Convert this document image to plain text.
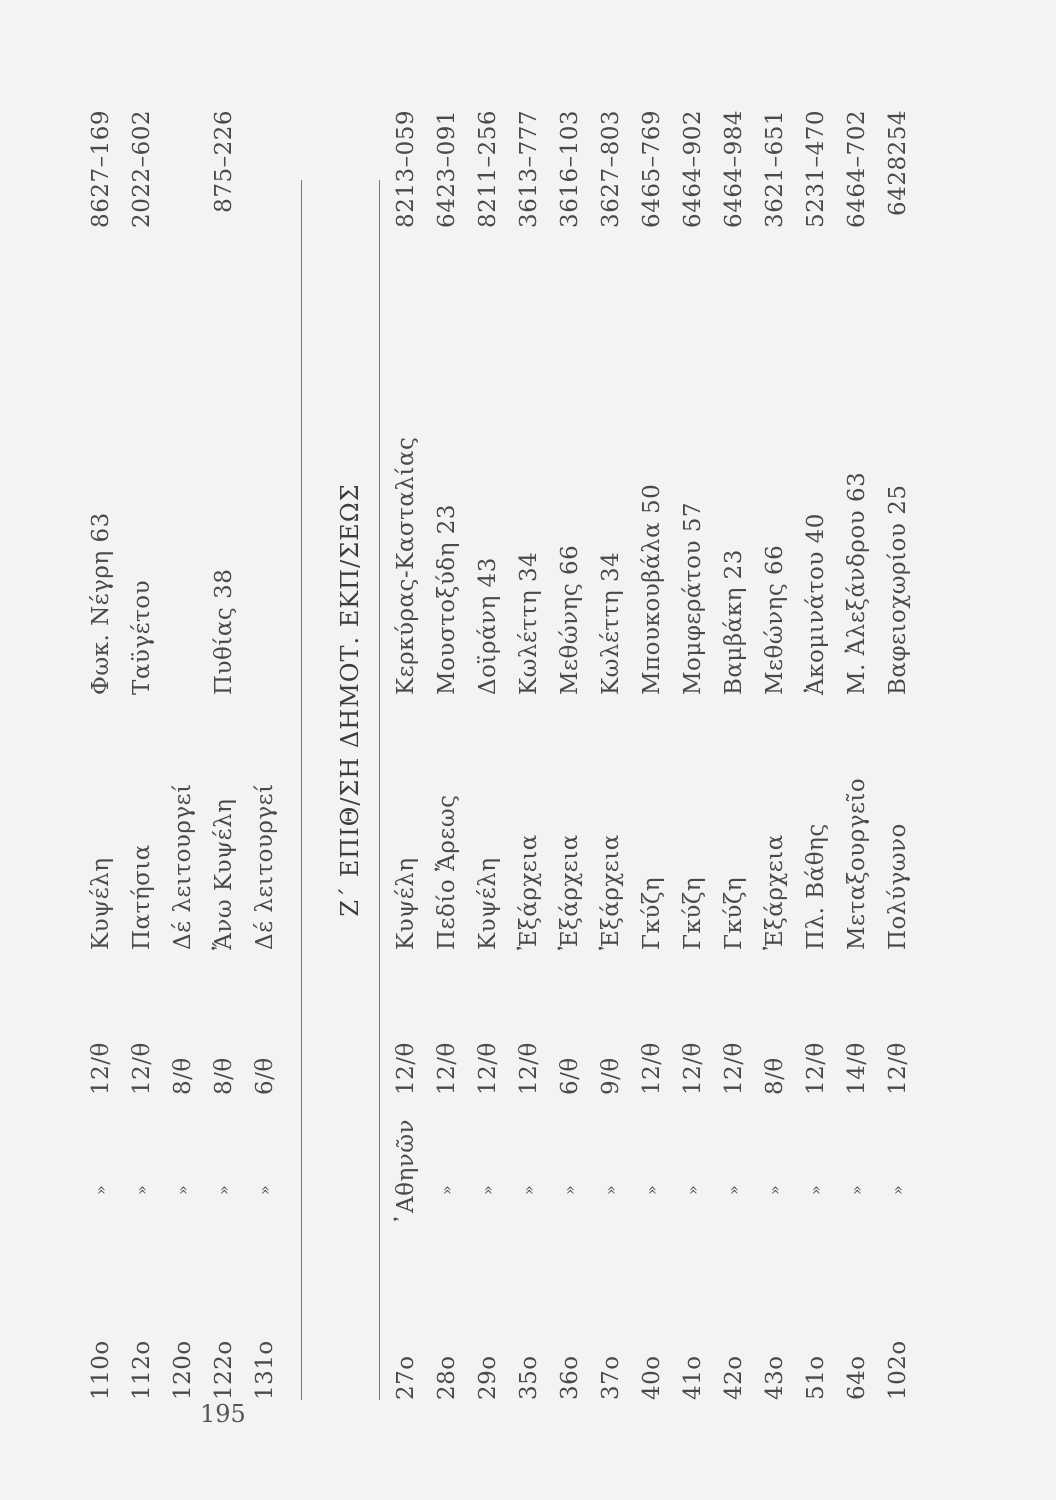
110ο
»
12/θ
Κυψέλη
Φωκ. Νέγρη 63
8627–169
112ο
»
12/θ
Πατήσια
Ταϋγέτου
2022–602
120ο
»
8/θ
Δέ λειτουργεί
122ο
»
8/θ
Ἄνω Κυψέλη
Πυθίας 38
875–226
131ο
»
6/θ
Δέ λειτουργεί	Ζ΄ ΕΠΙΘ/ΣΗ ΔΗΜΟΤ. ΕΚΠ/ΣΕΩΣ
27ο
᾿Αθηνῶν
12/θ
Κυψέλη
Κερκύρας-Κασταλίας
8213–059
28ο
»
12/θ
Πεδίο Ἄρεως
Μουστοξύδη 23
6423–091
29ο
»
12/θ
Κυψέλη
Δοϊράνη 43
8211–256
35ο
»
12/θ
Ἐξάρχεια
Κωλέττη 34
3613–777
36ο
»
6/θ
Ἐξάρχεια
Μεθώνης 66
3616–103
37ο
»
9/θ
Ἐξάρχεια
Κωλέττη 34
3627–803
40ο
»
12/θ
Γκύζη
Μπουκουβάλα 50
6465–769
41ο
»
12/θ
Γκύζη
Μομφεράτου 57
6464–902
42ο
»
12/θ
Γκύζη
Βαμβάκη 23
6464–984
43ο
»
8/θ
Ἐξάρχεια
Μεθώνης 66
3621–651
51ο
»
12/θ
Πλ. Βάθης
Ἀκομινάτου 40
5231–470
64ο
»
14/θ
Μεταξουργεῖο
Μ. Ἀλεξάνδρου 63
6464–702
102ο
»
12/θ
Πολύγωνο
Βαφειοχωρίου 25
6428254
195
